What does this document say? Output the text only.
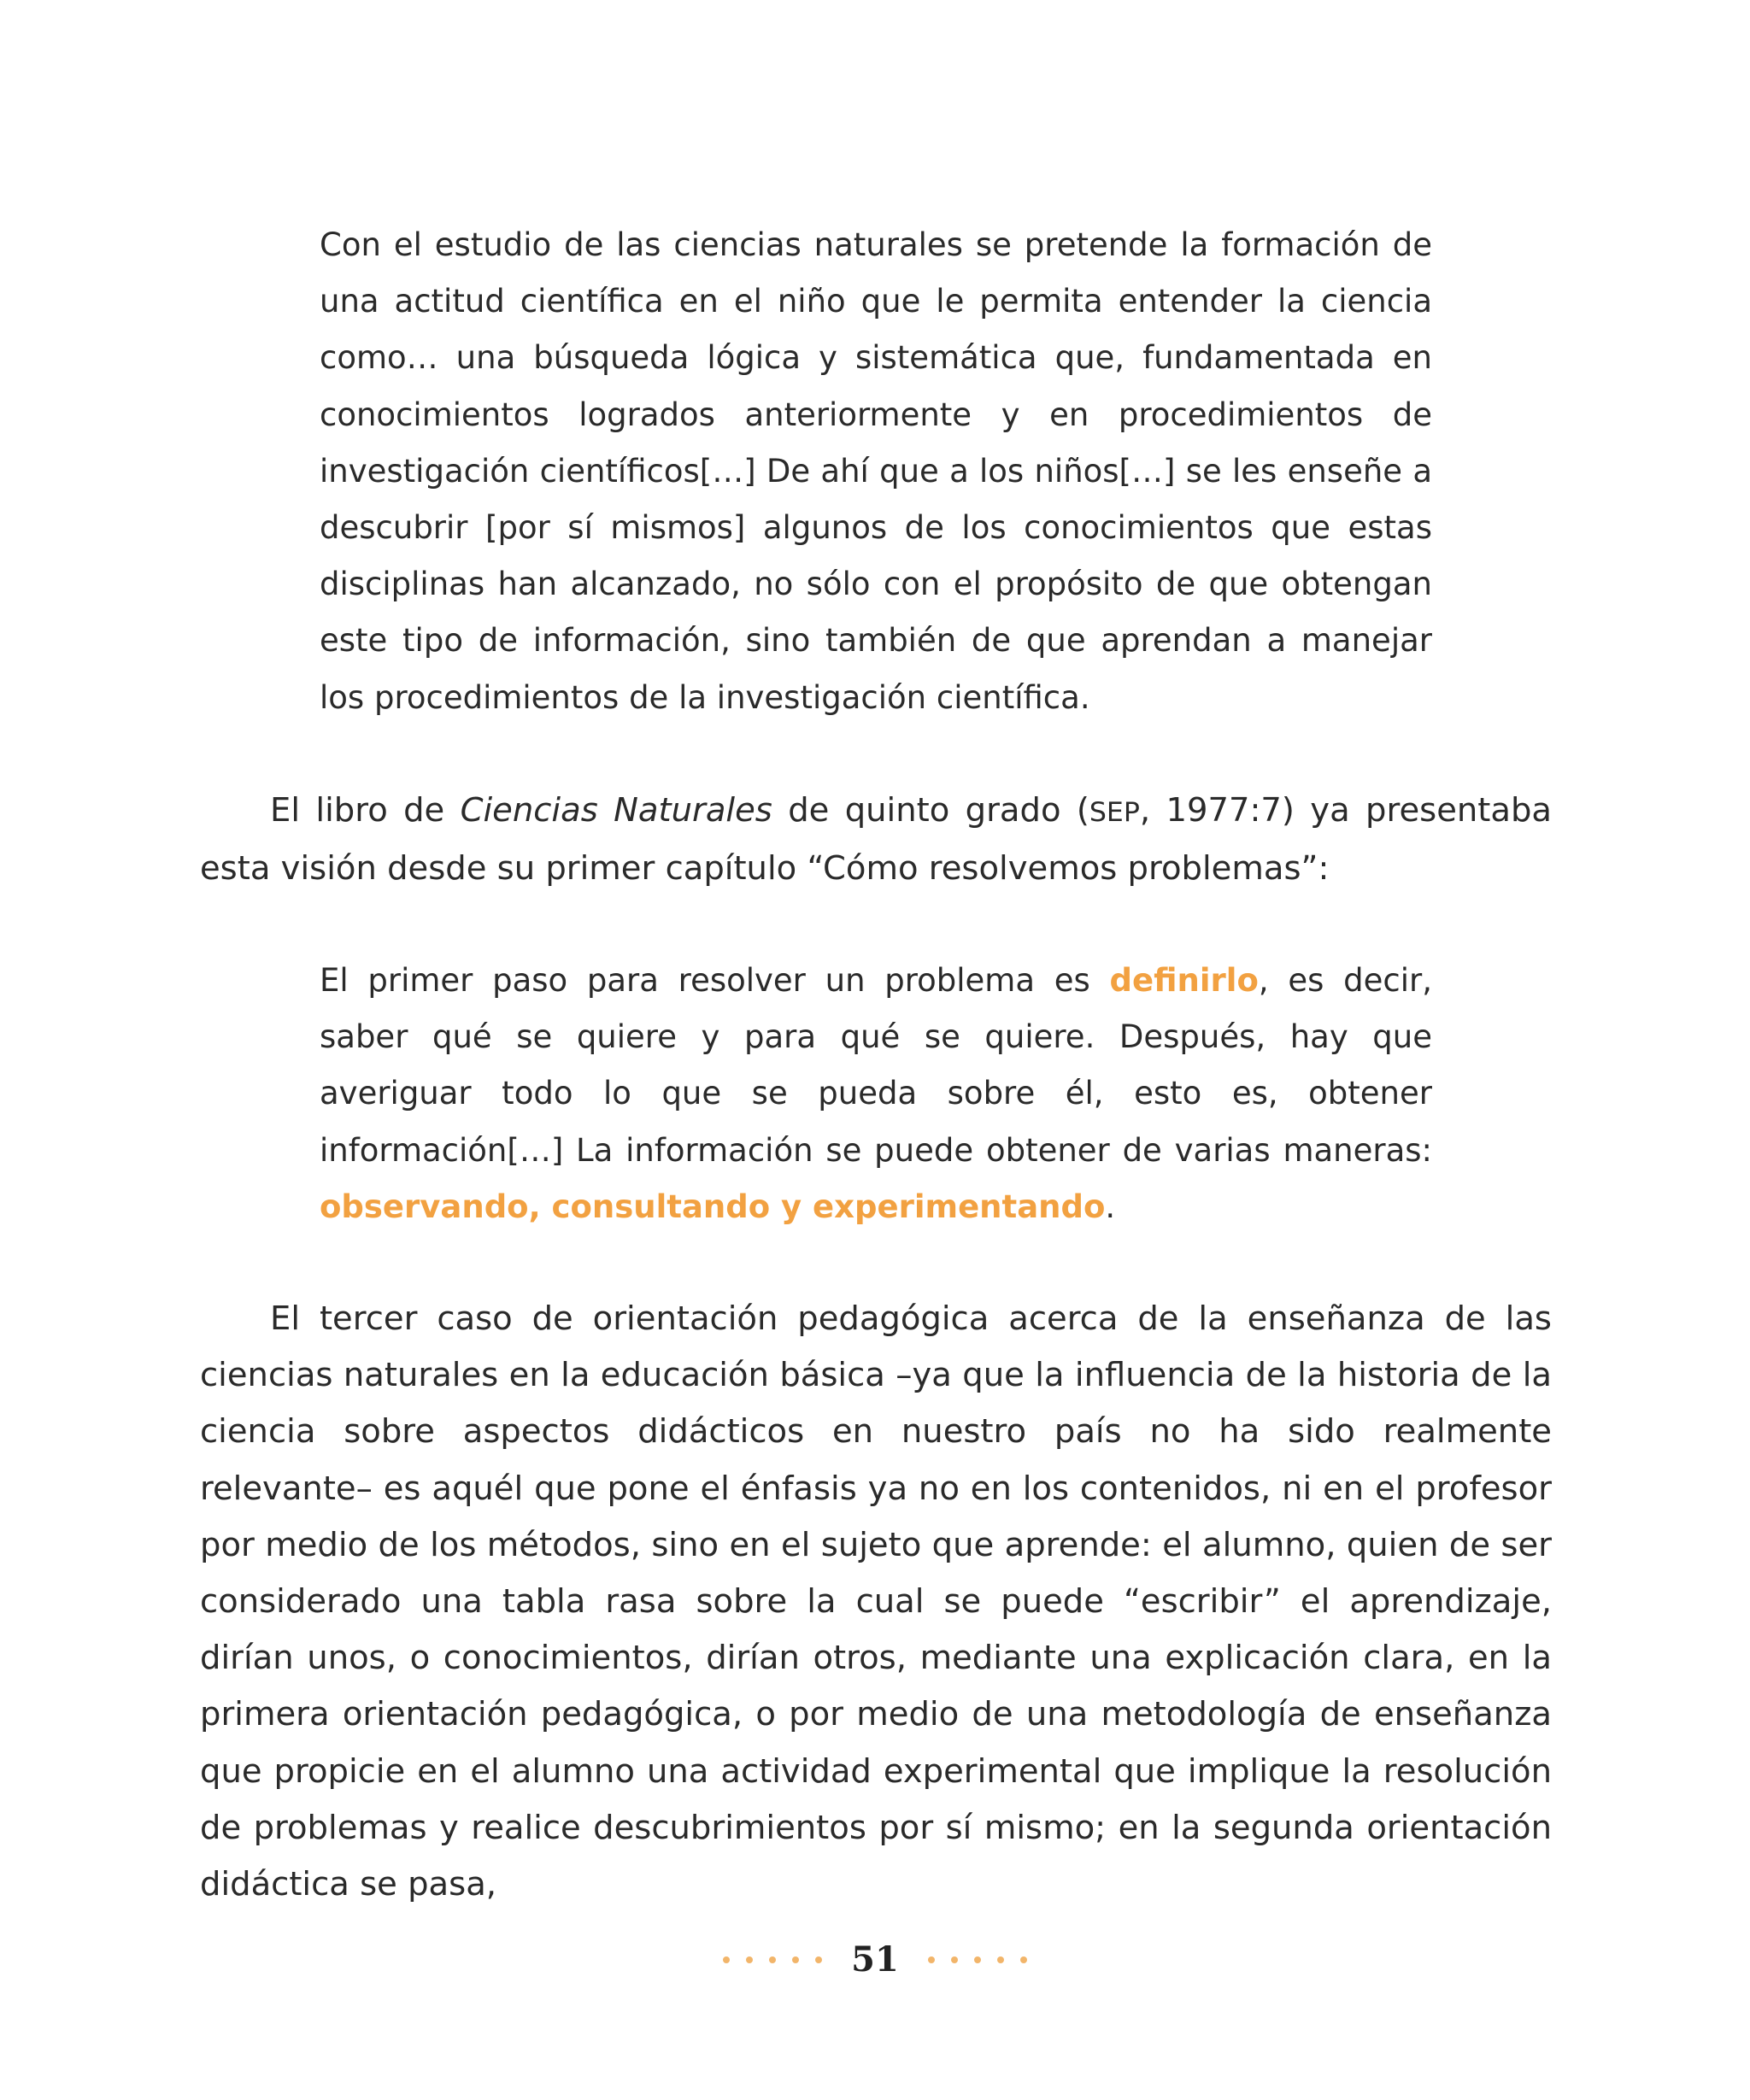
Con el estudio de las ciencias naturales se pretende la formación de una actitud científica en el niño que le permita entender la ciencia como… una búsqueda lógica y sistemática que, fundamentada en conocimientos logrados anteriormente y en procedimientos de investigación científicos[…] De ahí que a los niños[…] se les enseñe a descubrir [por sí mismos] algunos de los conocimientos que estas disciplinas han alcanzado, no sólo con el propósito de que obtengan este tipo de información, sino también de que aprendan a manejar los procedimientos de la investigación científica.

El libro de Ciencias Naturales de quinto grado (SEP, 1977:7) ya presentaba esta visión desde su primer capítulo “Cómo resolvemos problemas”:

El primer paso para resolver un problema es definirlo, es decir, saber qué se quiere y para qué se quiere. Después, hay que averiguar todo lo que se pueda sobre él, esto es, obtener información[…] La información se puede obtener de varias maneras: observando, consultando y experimentando.

El tercer caso de orientación pedagógica acerca de la enseñanza de las ciencias naturales en la educación básica –ya que la influencia de la historia de la ciencia sobre aspectos didácticos en nuestro país no ha sido realmente relevante– es aquél que pone el énfasis ya no en los contenidos, ni en el profesor por medio de los métodos, sino en el sujeto que aprende: el alumno, quien de ser considerado una tabla rasa sobre la cual se puede “escribir” el aprendizaje, dirían unos, o conocimientos, dirían otros, mediante una explicación clara, en la primera orientación pedagógica, o por medio de una metodología de enseñanza que propicie en el alumno una actividad experimental que implique la resolución de problemas y realice descubrimientos por sí mismo; en la segunda orientación didáctica se pasa,

51
